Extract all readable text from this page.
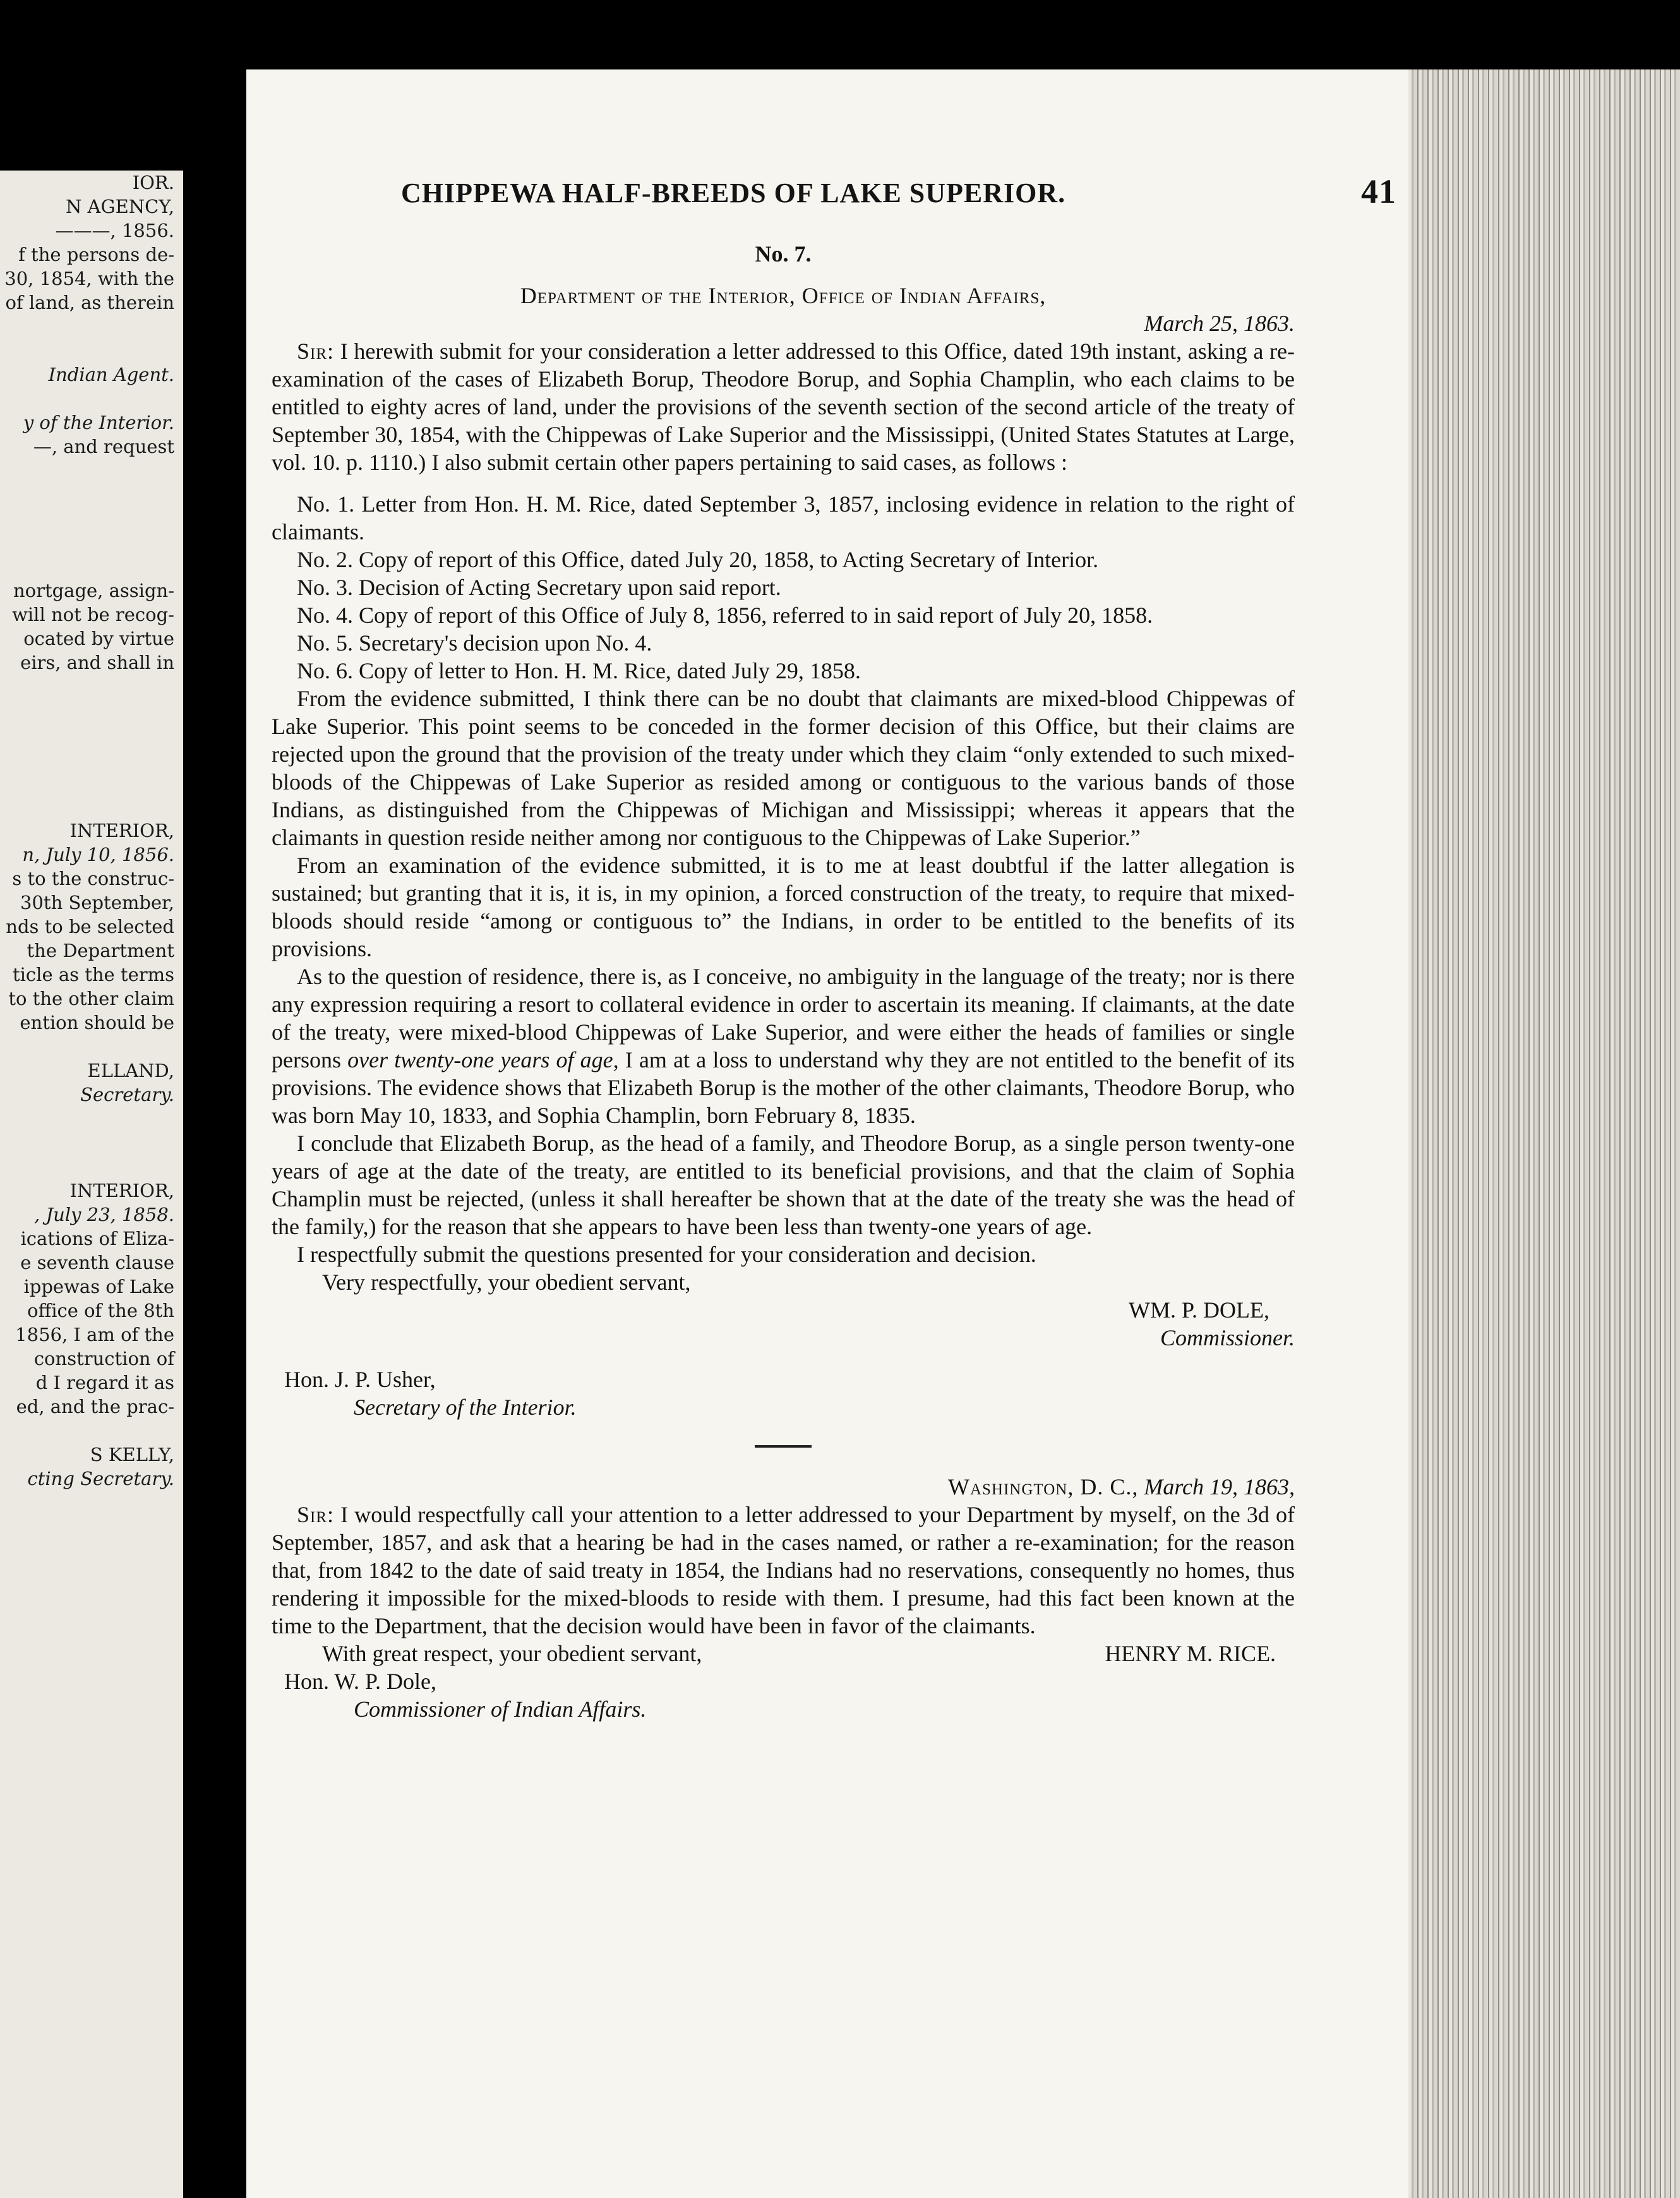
IOR.
N AGENCY,
———, 1856.
f the persons de-
30, 1854, with the
of land, as therein

Indian Agent.

y of the Interior.
—, and request

nortgage, assign-
will not be recog-
ocated by virtue
eirs, and shall in

INTERIOR,
n, July 10, 1856.
s to the construc-
30th September,
nds to be selected
the Department
ticle as the terms
to the other claim
ention should be

ELLAND,
Secretary.

INTERIOR,
, July 23, 1858.
ications of Eliza-
e seventh clause
ippewas of Lake
office of the 8th
1856, I am of the
construction of
d I regard it as
ed, and the prac-

S KELLY,
cting Secretary.
CHIPPEWA HALF-BREEDS OF LAKE SUPERIOR.	41

No. 7.

Department of the Interior, Office of Indian Affairs,

March 25, 1863.

Sir: I herewith submit for your consideration a letter addressed to this Office, dated 19th instant, asking a re-examination of the cases of Elizabeth Borup, Theodore Borup, and Sophia Champlin, who each claims to be entitled to eighty acres of land, under the provisions of the seventh section of the second article of the treaty of September 30, 1854, with the Chippewas of Lake Superior and the Mississippi, (United States Statutes at Large, vol. 10. p. 1110.) I also submit certain other papers pertaining to said cases, as follows :

No. 1. Letter from Hon. H. M. Rice, dated September 3, 1857, inclosing evidence in relation to the right of claimants.

No. 2. Copy of report of this Office, dated July 20, 1858, to Acting Secretary of Interior.

No. 3. Decision of Acting Secretary upon said report.

No. 4. Copy of report of this Office of July 8, 1856, referred to in said report of July 20, 1858.

No. 5. Secretary's decision upon No. 4.

No. 6. Copy of letter to Hon. H. M. Rice, dated July 29, 1858.

From the evidence submitted, I think there can be no doubt that claimants are mixed-blood Chippewas of Lake Superior. This point seems to be conceded in the former decision of this Office, but their claims are rejected upon the ground that the provision of the treaty under which they claim “only extended to such mixed-bloods of the Chippewas of Lake Superior as resided among or contiguous to the various bands of those Indians, as distinguished from the Chippewas of Michigan and Mississippi; whereas it appears that the claimants in question reside neither among nor contiguous to the Chippewas of Lake Superior.”

From an examination of the evidence submitted, it is to me at least doubtful if the latter allegation is sustained; but granting that it is, it is, in my opinion, a forced construction of the treaty, to require that mixed-bloods should reside “among or contiguous to” the Indians, in order to be entitled to the benefits of its provisions.

As to the question of residence, there is, as I conceive, no ambiguity in the language of the treaty; nor is there any expression requiring a resort to collateral evidence in order to ascertain its meaning. If claimants, at the date of the treaty, were mixed-blood Chippewas of Lake Superior, and were either the heads of families or single persons over twenty-one years of age, I am at a loss to understand why they are not entitled to the benefit of its provisions. The evidence shows that Elizabeth Borup is the mother of the other claimants, Theodore Borup, who was born May 10, 1833, and Sophia Champlin, born February 8, 1835.

I conclude that Elizabeth Borup, as the head of a family, and Theodore Borup, as a single person twenty-one years of age at the date of the treaty, are entitled to its beneficial provisions, and that the claim of Sophia Champlin must be rejected, (unless it shall hereafter be shown that at the date of the treaty she was the head of the family,) for the reason that she appears to have been less than twenty-one years of age.

I respectfully submit the questions presented for your consideration and decision.

Very respectfully, your obedient servant,

WM. P. DOLE,

Commissioner.

Hon. J. P. Usher,

Secretary of the Interior.

Washington, D. C., March 19, 1863,

Sir: I would respectfully call your attention to a letter addressed to your Department by myself, on the 3d of September, 1857, and ask that a hearing be had in the cases named, or rather a re-examination; for the reason that, from 1842 to the date of said treaty in 1854, the Indians had no reservations, consequently no homes, thus rendering it impossible for the mixed-bloods to reside with them. I presume, had this fact been known at the time to the Department, that the decision would have been in favor of the claimants.

With great respect, your obedient servant,	HENRY M. RICE.

Hon. W. P. Dole,

Commissioner of Indian Affairs.
